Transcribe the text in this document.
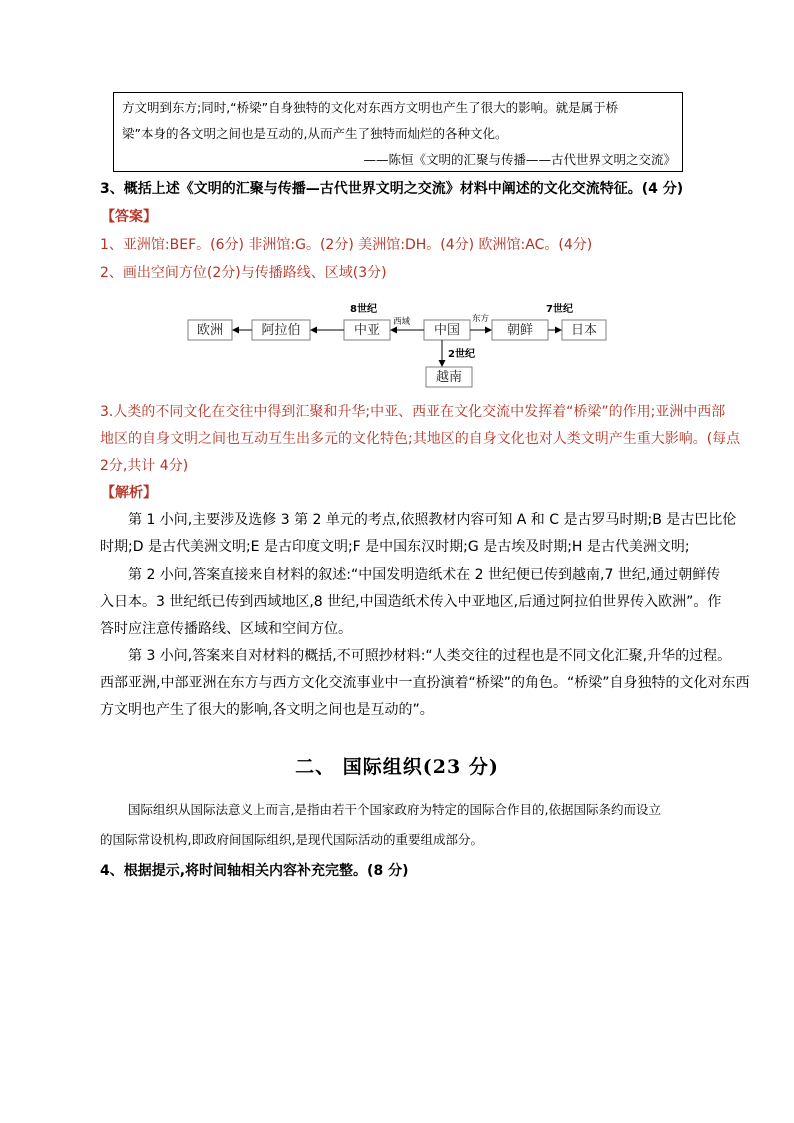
方文明到东方;同时,“桥梁”自身独特的文化对东西方文明也产生了很大的影响。就是属于桥
梁”本身的各文明之间也是互动的,从而产生了独特而灿烂的各种文化。
——陈恒《文明的汇聚与传播——古代世界文明之交流》
3、概括上述《文明的汇聚与传播—古代世界文明之交流》材料中阐述的文化交流特征。(4 分)
【答案】
1、亚洲馆:BEF。(6分) 非洲馆:G。(2分) 美洲馆:DH。(4分) 欧洲馆:AC。(4分)
2、画出空间方位(2分)与传播路线、区域(3分)
欧洲	阿拉伯	中亚	中国	朝鲜	日本
越南
8世纪
西域	东方
7世纪
2世纪
3.人类的不同文化在交往中得到汇聚和升华;中亚、西亚在文化交流中发挥着“桥梁”的作用;亚洲中西部
地区的自身文明之间也互动互生出多元的文化特色;其地区的自身文化也对人类文明产生重大影响。(每点
2分,共计 4分)
【解析】
第 1 小问,主要涉及选修 3 第 2 单元的考点,依照教材内容可知 A 和 C 是古罗马时期;B 是古巴比伦
时期;D 是古代美洲文明;E 是古印度文明;F 是中国东汉时期;G 是古埃及时期;H 是古代美洲文明;
第 2 小问,答案直接来自材料的叙述:“中国发明造纸术在 2 世纪便已传到越南,7 世纪,通过朝鲜传
入日本。3 世纪纸已传到西域地区,8 世纪,中国造纸术传入中亚地区,后通过阿拉伯世界传入欧洲”。作
答时应注意传播路线、区域和空间方位。
第 3 小问,答案来自对材料的概括,不可照抄材料:“人类交往的过程也是不同文化汇聚,升华的过程。
西部亚洲,中部亚洲在东方与西方文化交流事业中一直扮演着“桥梁”的角色。“桥梁”自身独特的文化对东西
方文明也产生了很大的影响,各文明之间也是互动的”。
二、 国际组织(23 分)
国际组织从国际法意义上而言,是指由若干个国家政府为特定的国际合作目的,依据国际条约而设立
的国际常设机构,即政府间国际组织,是现代国际活动的重要组成部分。
4、根据提示,将时间轴相关内容补充完整。(8 分)
